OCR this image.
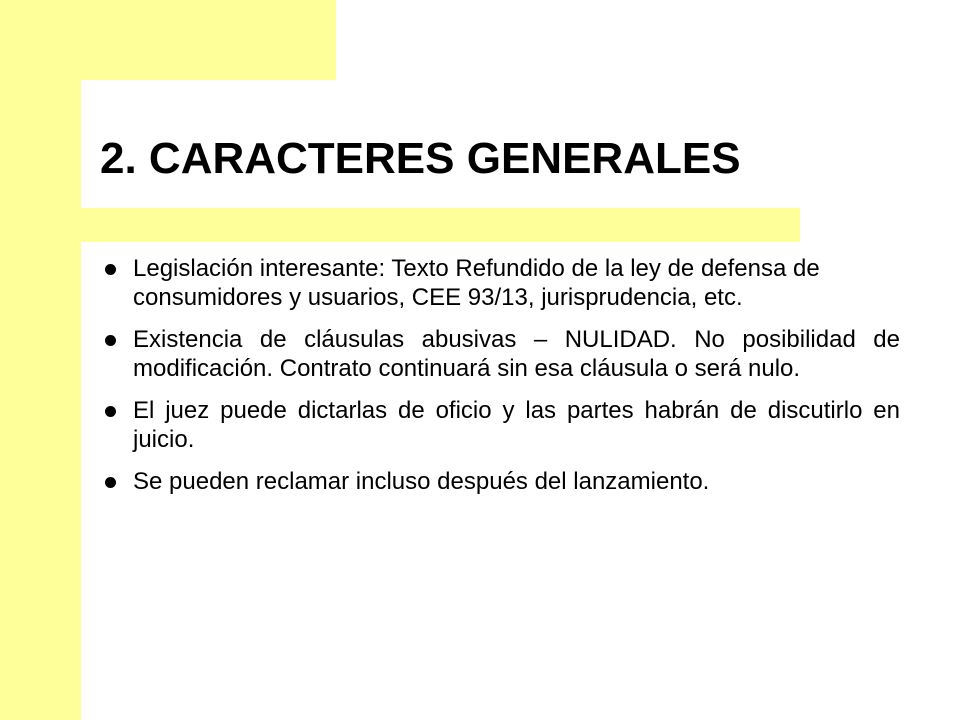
2. CARACTERES GENERALES
Legislación interesante: Texto Refundido de la ley de defensa de consumidores y usuarios, CEE 93/13, jurisprudencia, etc.
Existencia de cláusulas abusivas – NULIDAD. No posibilidad de modificación. Contrato continuará sin esa cláusula o será nulo.
El juez puede dictarlas de oficio y las partes habrán de discutirlo en juicio.
Se pueden reclamar incluso después del lanzamiento.
